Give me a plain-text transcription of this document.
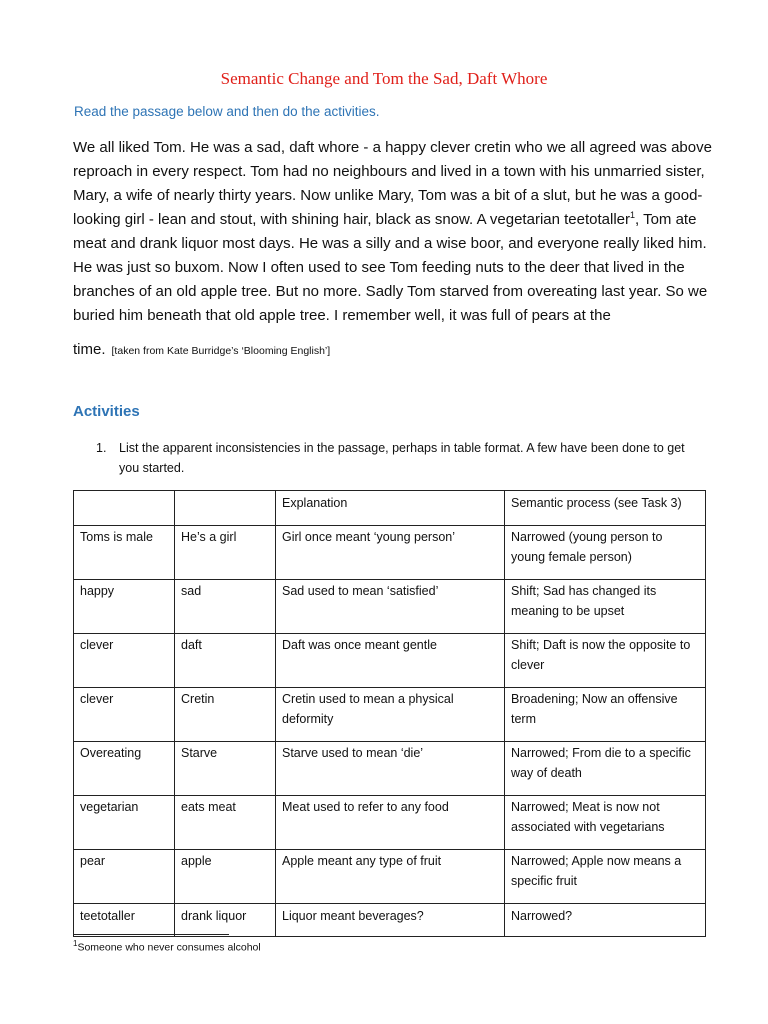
Semantic Change and Tom the Sad, Daft Whore

Read the passage below and then do the activities.

We all liked Tom. He was a sad, daft whore - a happy clever cretin who we all agreed was above reproach in every respect. Tom had no neighbours and lived in a town with his unmarried sister, Mary, a wife of nearly thirty years. Now unlike Mary, Tom was a bit of a slut, but he was a good-looking girl - lean and stout, with shining hair, black as snow. A vegetarian teetotaller$^1$, Tom ate meat and drank liquor most days. He was a silly and a wise boor, and everyone really liked him. He was just so buxom. Now I often used to see Tom feeding nuts to the deer that lived in the branches of an old apple tree. But no more. Sadly Tom starved from overeating last year. So we buried him beneath that old apple tree. I remember well, it was full of pears at the
time. [taken from Kate Burridge’s ‘Blooming English’]

Activities
1.	List the apparent inconsistencies in the passage, perhaps in table format. A few have been done to get you started.
		Explanation	Semantic process (see Task 3)
Toms is male	He’s a girl	Girl once meant ‘young person’	Narrowed (young person to young female person)
happy	sad	Sad used to mean ‘satisfied’	Shift; Sad has changed its meaning to be upset
clever	daft	Daft was once meant gentle	Shift; Daft is now the opposite to clever
clever	Cretin	Cretin used to mean a physical deformity	Broadening; Now an offensive term
Overeating	Starve	Starve used to mean ‘die’	Narrowed; From die to a specific way of death
vegetarian	eats meat	Meat used to refer to any food	Narrowed; Meat is now not associated with vegetarians
pear	apple	Apple meant any type of fruit	Narrowed; Apple now means a specific fruit
teetotaller	drank liquor	Liquor meant beverages?	Narrowed?

$^1$Someone who never consumes alcohol
